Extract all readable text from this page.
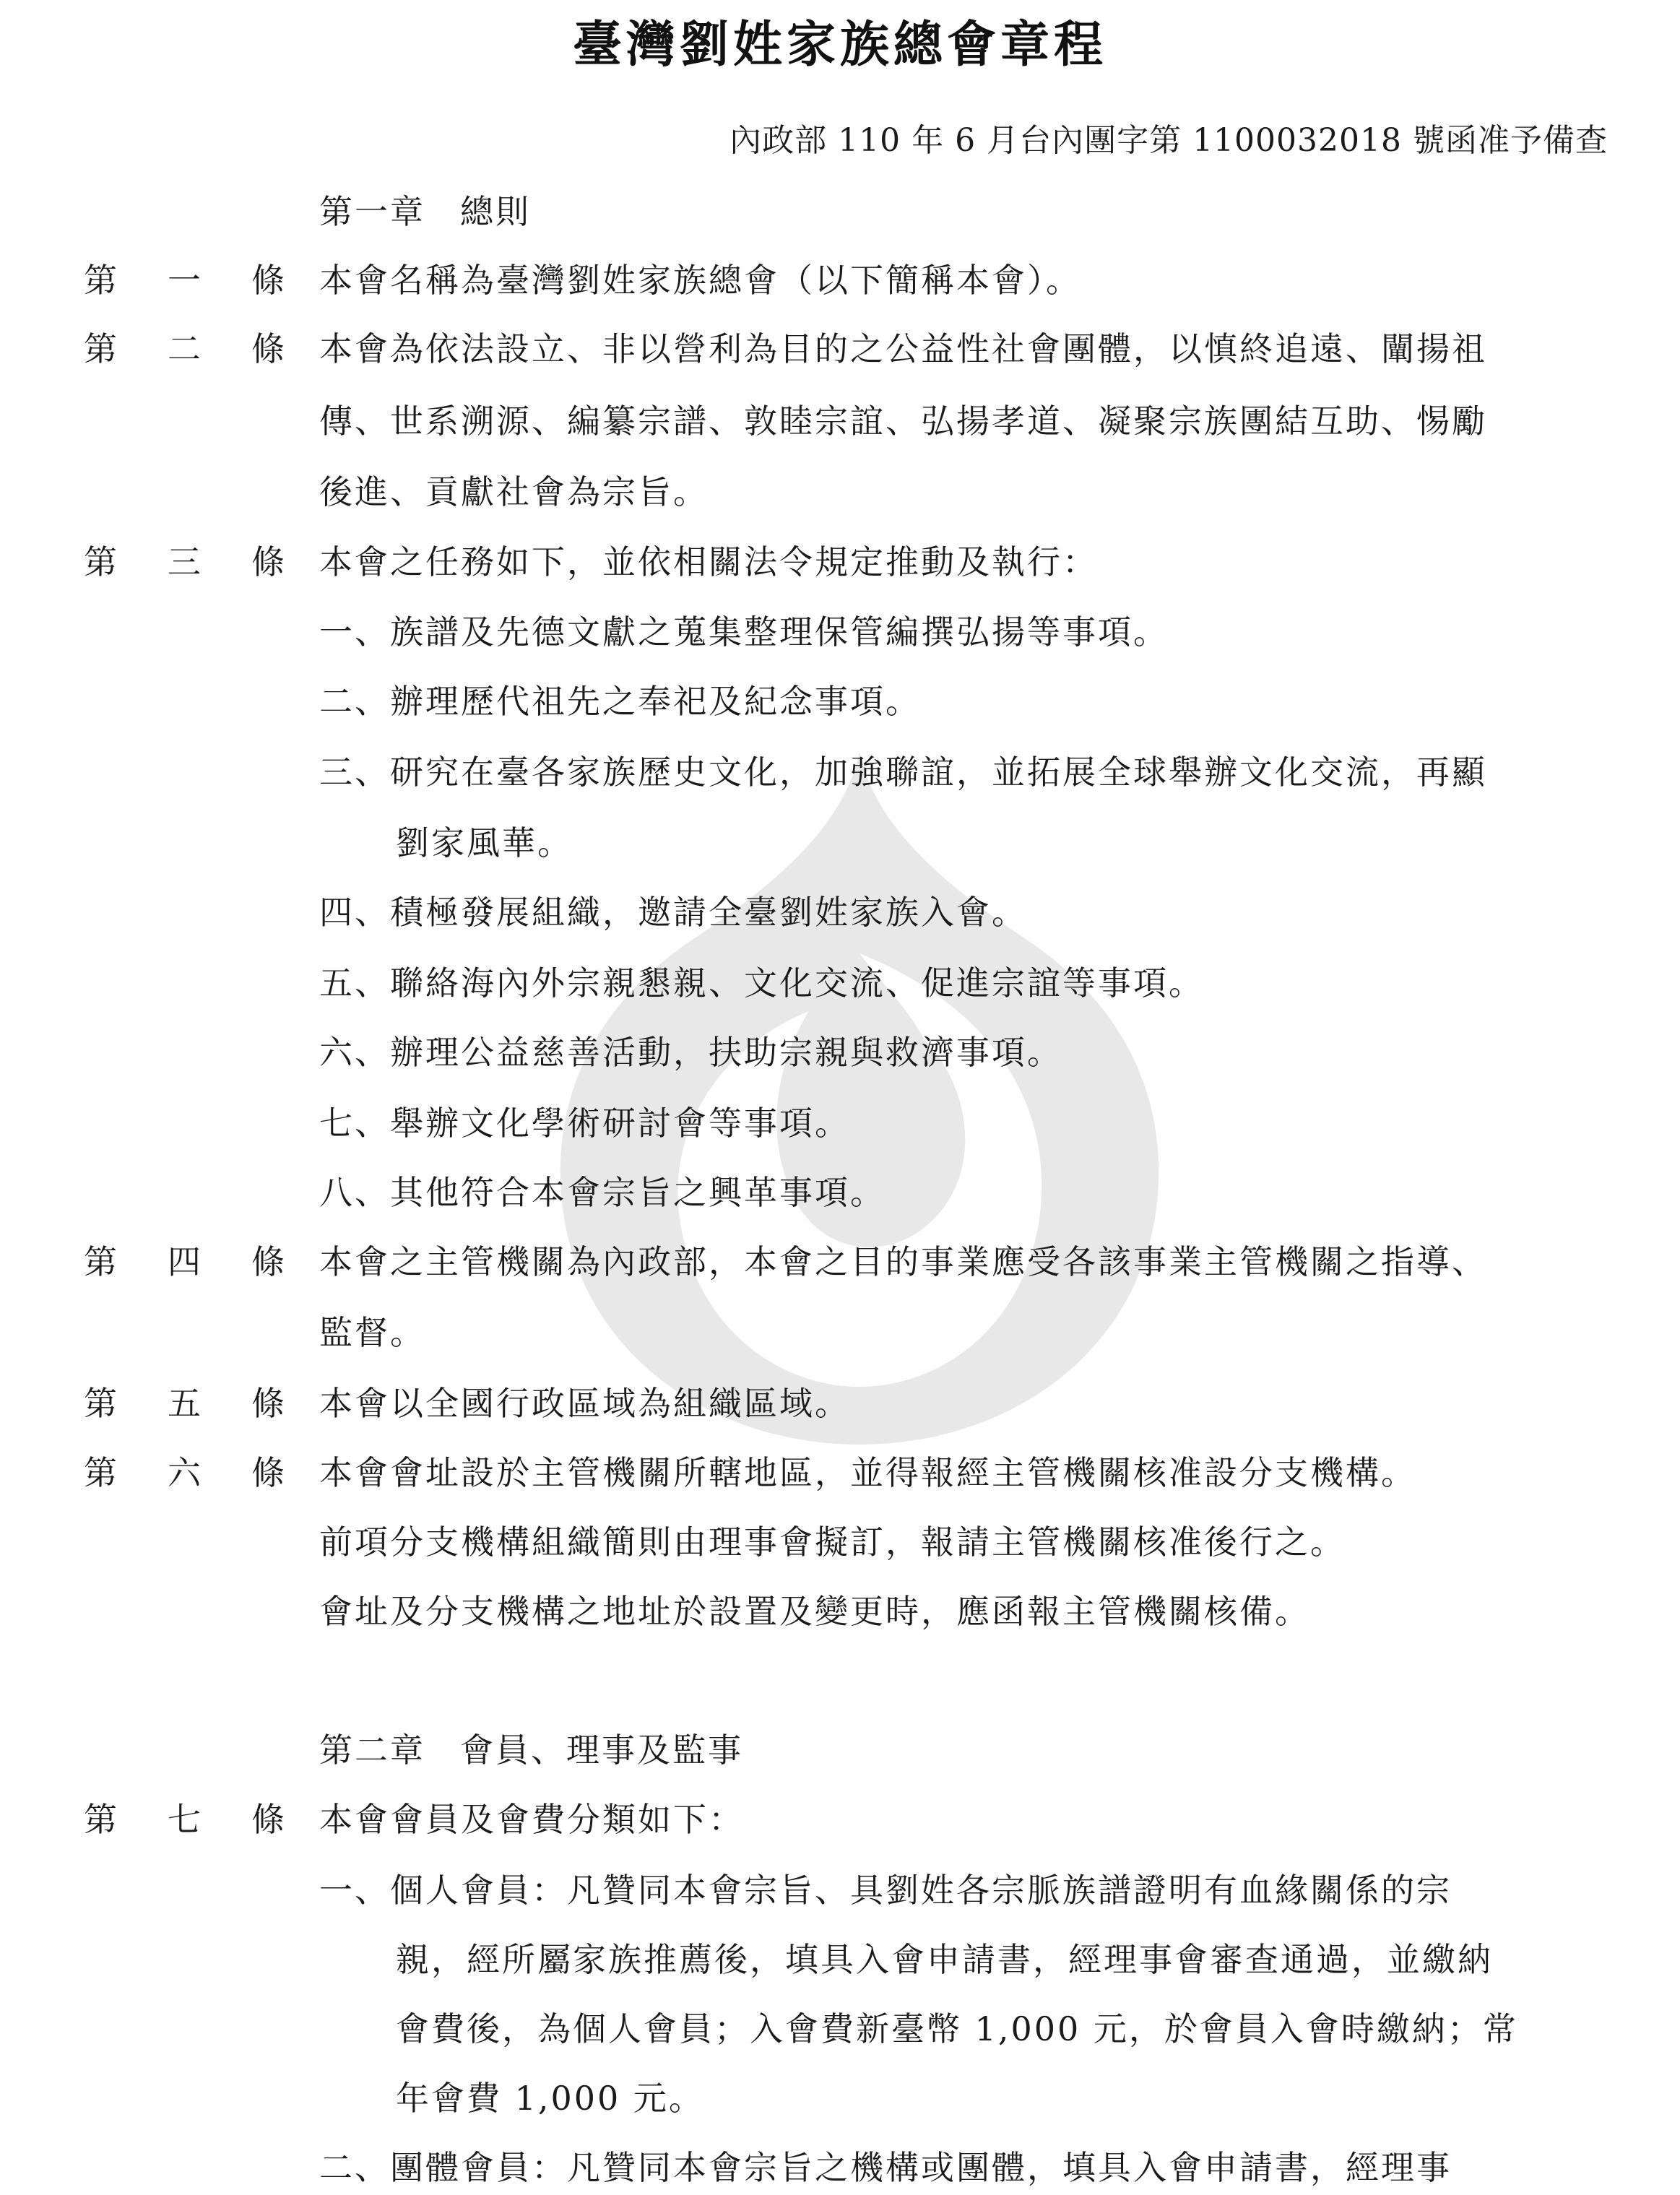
臺灣劉姓家族總會章程
內政部 110 年 6 月台內團字第 1100032018 號函准予備查
第一章 總則
第 一 條 本會名稱為臺灣劉姓家族總會（以下簡稱本會）。
第 二 條 本會為依法設立、非以營利為目的之公益性社會團體，以慎終追遠、闡揚祖
傳、世系溯源、編纂宗譜、敦睦宗誼、弘揚孝道、凝聚宗族團結互助、惕勵
後進、貢獻社會為宗旨。
第 三 條 本會之任務如下，並依相關法令規定推動及執行：
一、族譜及先德文獻之蒐集整理保管編撰弘揚等事項。
二、辦理歷代祖先之奉祀及紀念事項。
三、研究在臺各家族歷史文化，加強聯誼，並拓展全球舉辦文化交流，再顯
劉家風華。
四、積極發展組織，邀請全臺劉姓家族入會。
五、聯絡海內外宗親懇親、文化交流、促進宗誼等事項。
六、辦理公益慈善活動，扶助宗親與救濟事項。
七、舉辦文化學術研討會等事項。
八、其他符合本會宗旨之興革事項。
第 四 條 本會之主管機關為內政部，本會之目的事業應受各該事業主管機關之指導、
監督。
第 五 條 本會以全國行政區域為組織區域。
第 六 條 本會會址設於主管機關所轄地區，並得報經主管機關核准設分支機構。
前項分支機構組織簡則由理事會擬訂，報請主管機關核准後行之。
會址及分支機構之地址於設置及變更時，應函報主管機關核備。
第二章 會員、理事及監事
第 七 條 本會會員及會費分類如下：
一、個人會員：凡贊同本會宗旨、具劉姓各宗脈族譜證明有血緣關係的宗
親，經所屬家族推薦後，填具入會申請書，經理事會審查通過，並繳納
會費後，為個人會員；入會費新臺幣 1,000 元，於會員入會時繳納；常
年會費 1,000 元。
二、團體會員：凡贊同本會宗旨之機構或團體，填具入會申請書，經理事
